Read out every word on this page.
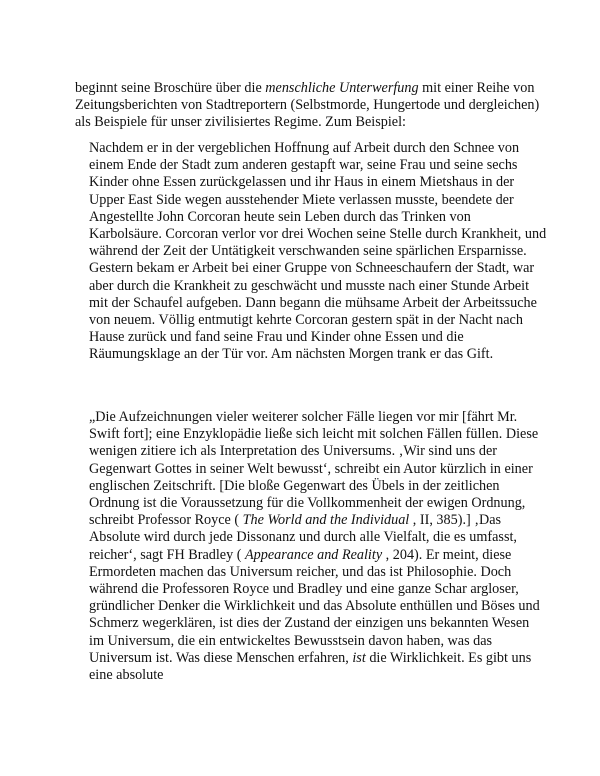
beginnt seine Broschüre über die menschliche Unterwerfung mit einer Reihe von Zeitungsberichten von Stadtreportern (Selbstmorde, Hungertode und dergleichen) als Beispiele für unser zivilisiertes Regime. Zum Beispiel:

Nachdem er in der vergeblichen Hoffnung auf Arbeit durch den Schnee von einem Ende der Stadt zum anderen gestapft war, seine Frau und seine sechs Kinder ohne Essen zurückgelassen und ihr Haus in einem Mietshaus in der Upper East Side wegen ausstehender Miete verlassen musste, beendete der Angestellte John Corcoran heute sein Leben durch das Trinken von Karbolsäure. Corcoran verlor vor drei Wochen seine Stelle durch Krankheit, und während der Zeit der Untätigkeit verschwanden seine spärlichen Ersparnisse. Gestern bekam er Arbeit bei einer Gruppe von Schneeschaufern der Stadt, war aber durch die Krankheit zu geschwächt und musste nach einer Stunde Arbeit mit der Schaufel aufgeben. Dann begann die mühsame Arbeit der Arbeitssuche von neuem. Völlig entmutigt kehrte Corcoran gestern spät in der Nacht nach Hause zurück und fand seine Frau und Kinder ohne Essen und die Räumungsklage an der Tür vor. Am nächsten Morgen trank er das Gift.

„Die Aufzeichnungen vieler weiterer solcher Fälle liegen vor mir [fährt Mr. Swift fort]; eine Enzyklopädie ließe sich leicht mit solchen Fällen füllen. Diese wenigen zitiere ich als Interpretation des Universums. ‚Wir sind uns der Gegenwart Gottes in seiner Welt bewusst‘, schreibt ein Autor kürzlich in einer englischen Zeitschrift. [Die bloße Gegenwart des Übels in der zeitlichen Ordnung ist die Voraussetzung für die Vollkommenheit der ewigen Ordnung, schreibt Professor Royce ( The World and the Individual , II, 385).] ‚Das Absolute wird durch jede Dissonanz und durch alle Vielfalt, die es umfasst, reicher‘, sagt FH Bradley ( Appearance and Reality , 204). Er meint, diese Ermordeten machen das Universum reicher, und das ist Philosophie. Doch während die Professoren Royce und Bradley und eine ganze Schar argloser, gründlicher Denker die Wirklichkeit und das Absolute enthüllen und Böses und Schmerz wegerklären, ist dies der Zustand der einzigen uns bekannten Wesen im Universum, die ein entwickeltes Bewusstsein davon haben, was das Universum ist. Was diese Menschen erfahren, ist die Wirklichkeit. Es gibt uns eine absolute
